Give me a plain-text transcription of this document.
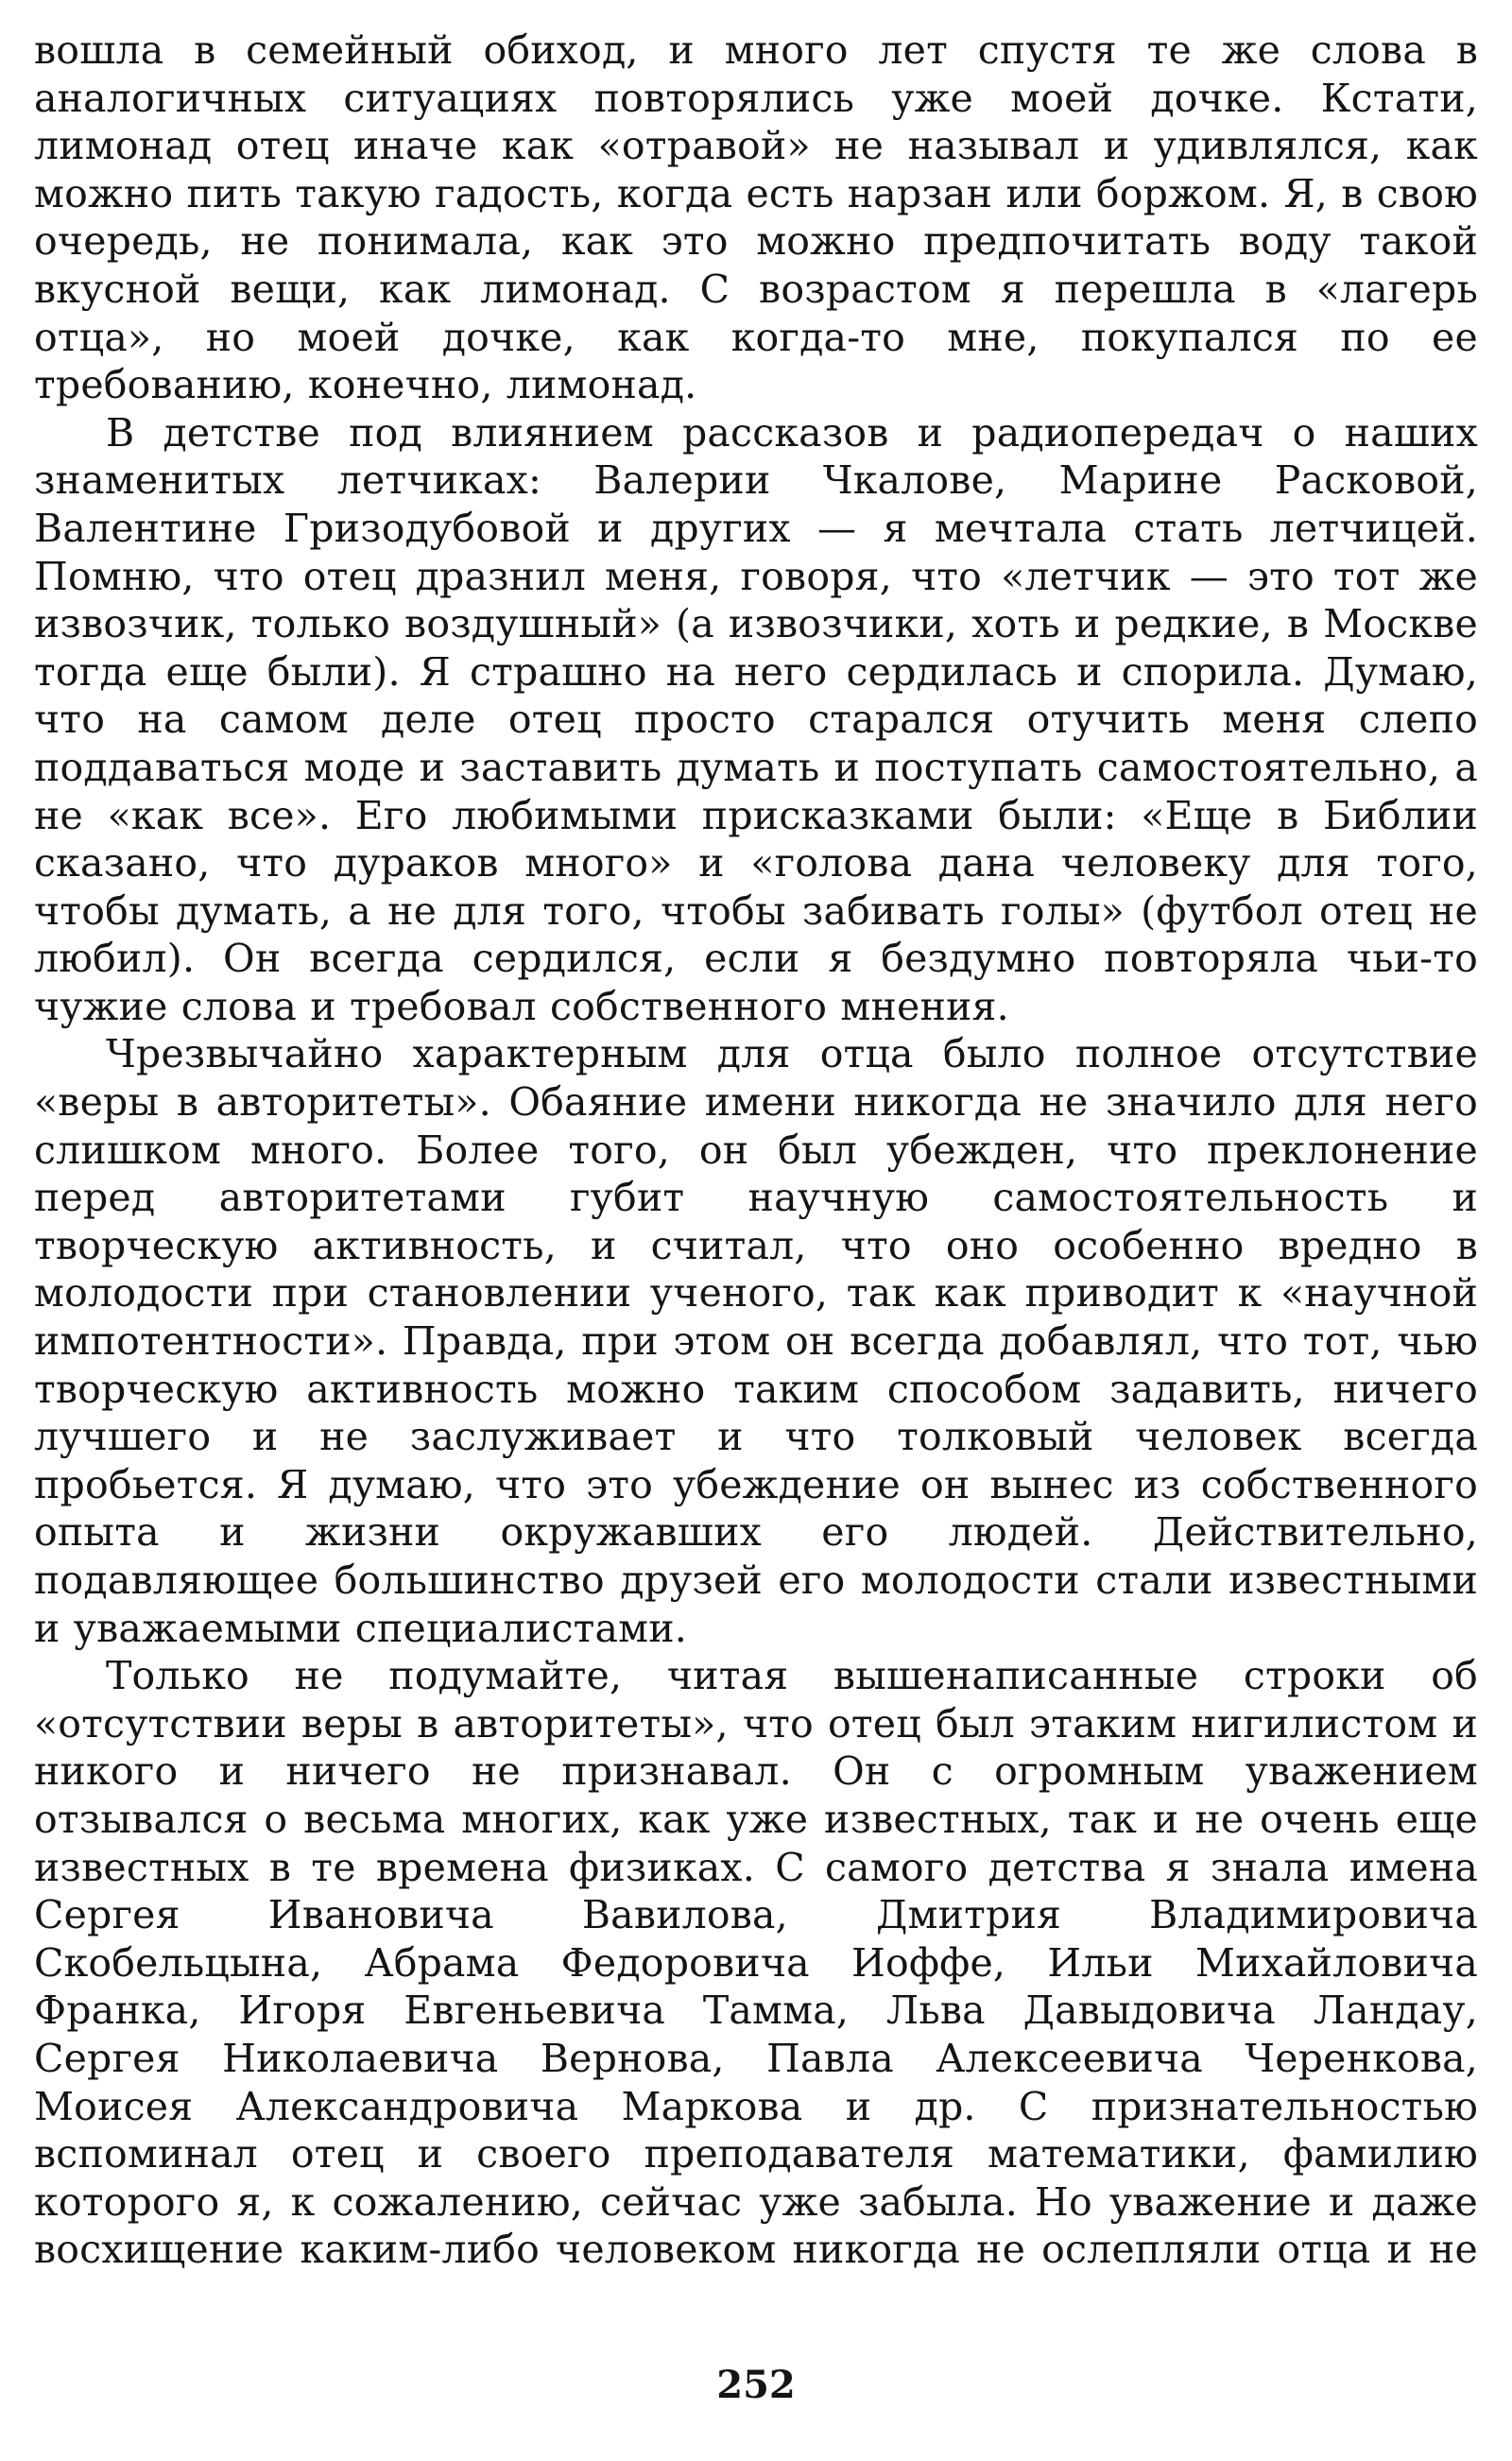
вошла в семейный обиход, и много лет спустя те же слова в аналогичных ситуациях повторялись уже моей дочке. Кстати, лимонад отец иначе как «отравой» не называл и удивлялся, как можно пить такую гадость, когда есть нарзан или боржом. Я, в свою очередь, не понимала, как это можно предпочитать воду такой вкусной вещи, как лимонад. С возрастом я перешла в «лагерь отца», но моей дочке, как когда-то мне, покупался по ее требованию, конечно, лимонад.

В детстве под влиянием рассказов и радиопередач о наших знаменитых летчиках: Валерии Чкалове, Марине Расковой, Валентине Гризодубовой и других — я мечтала стать летчицей. Помню, что отец дразнил меня, говоря, что «летчик — это тот же извозчик, только воздушный» (а извозчики, хоть и редкие, в Москве тогда еще были). Я страшно на него сердилась и спорила. Думаю, что на самом деле отец просто старался отучить меня слепо поддаваться моде и заставить думать и поступать самостоятельно, а не «как все». Его любимыми присказками были: «Еще в Библии сказано, что дураков много» и «голова дана человеку для того, чтобы думать, а не для того, чтобы забивать голы» (футбол отец не любил). Он всегда сердился, если я бездумно повторяла чьи-то чужие слова и требовал собственного мнения.

Чрезвычайно характерным для отца было полное отсутствие «веры в авторитеты». Обаяние имени никогда не значило для него слишком много. Более того, он был убежден, что преклонение перед авторитетами губит научную самостоятельность и творческую активность, и считал, что оно особенно вредно в молодости при становлении ученого, так как приводит к «научной импотентности». Правда, при этом он всегда добавлял, что тот, чью творческую активность можно таким способом задавить, ничего лучшего и не заслуживает и что толковый человек всегда пробьется. Я думаю, что это убеждение он вынес из собственного опыта и жизни окружавших его людей. Действительно, подавляющее большинство друзей его молодости стали известными и уважаемыми специалистами.

Только не подумайте, читая вышенаписанные строки об «отсутствии веры в авторитеты», что отец был этаким нигилистом и никого и ничего не признавал. Он с огромным уважением отзывался о весьма многих, как уже известных, так и не очень еще известных в те времена физиках. С самого детства я знала имена Сергея Ивановича Вавилова, Дмитрия Владимировича Скобельцына, Абрама Федоровича Иоффе, Ильи Михайловича Франка, Игоря Евгеньевича Тамма, Льва Давыдовича Ландау, Сергея Николаевича Вернова, Павла Алексеевича Черенкова, Моисея Александровича Маркова и др. С признательностью вспоминал отец и своего преподавателя математики, фамилию которого я, к сожалению, сейчас уже забыла. Но уважение и даже восхищение каким-либо человеком никогда не ослепляли отца и не

252
